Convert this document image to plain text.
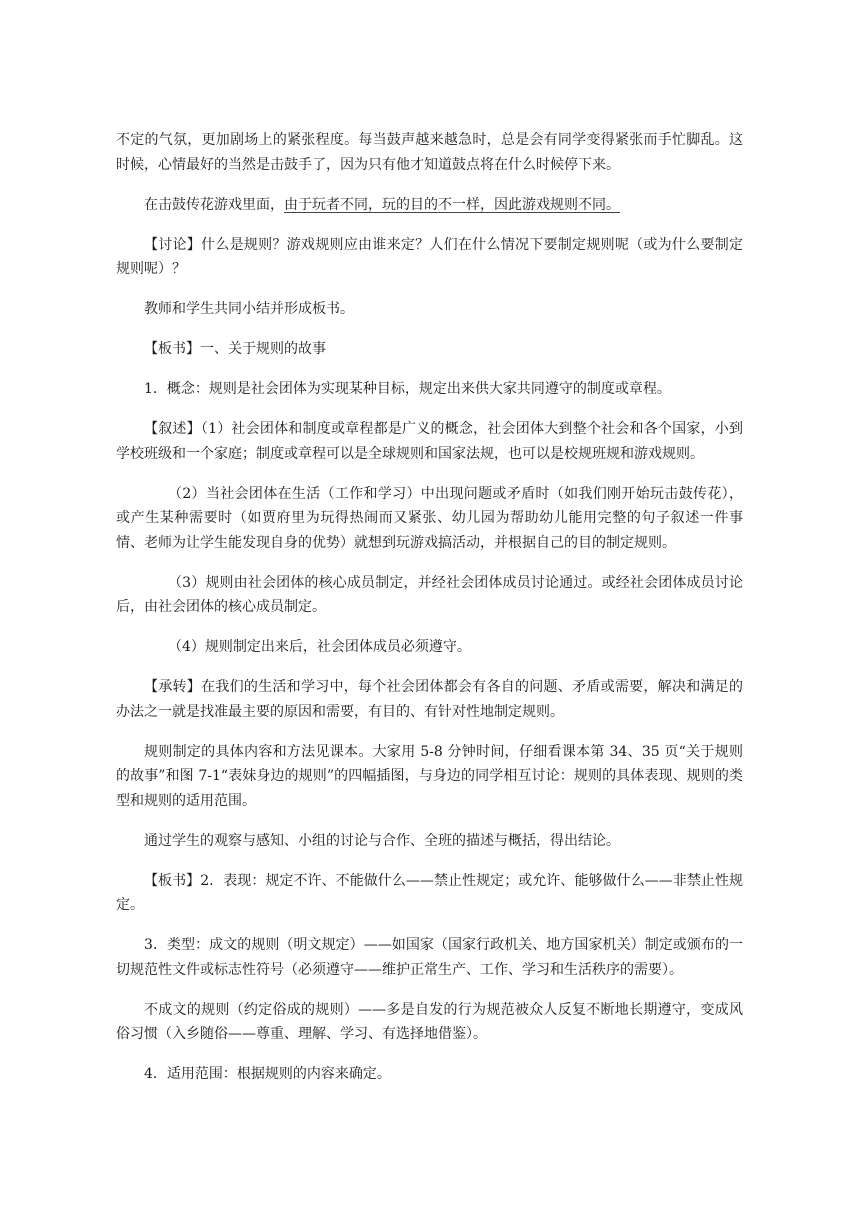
不定的气氛，更加剧场上的紧张程度。每当鼓声越来越急时，总是会有同学变得紧张而手忙脚乱。这时候，心情最好的当然是击鼓手了，因为只有他才知道鼓点将在什么时候停下来。

在击鼓传花游戏里面，由于玩者不同，玩的目的不一样，因此游戏规则不同。

【讨论】什么是规则？游戏规则应由谁来定？人们在什么情况下要制定规则呢（或为什么要制定规则呢）？

教师和学生共同小结并形成板书。

【板书】一、关于规则的故事

1．概念：规则是社会团体为实现某种目标，规定出来供大家共同遵守的制度或章程。

【叙述】（1）社会团体和制度或章程都是广义的概念，社会团体大到整个社会和各个国家，小到学校班级和一个家庭；制度或章程可以是全球规则和国家法规，也可以是校规班规和游戏规则。

（2）当社会团体在生活（工作和学习）中出现问题或矛盾时（如我们刚开始玩击鼓传花），或产生某种需要时（如贾府里为玩得热闹而又紧张、幼儿园为帮助幼儿能用完整的句子叙述一件事情、老师为让学生能发现自身的优势）就想到玩游戏搞活动，并根据自己的目的制定规则。

（3）规则由社会团体的核心成员制定，并经社会团体成员讨论通过。或经社会团体成员讨论后，由社会团体的核心成员制定。

（4）规则制定出来后，社会团体成员必须遵守。

【承转】在我们的生活和学习中，每个社会团体都会有各自的问题、矛盾或需要，解决和满足的办法之一就是找准最主要的原因和需要，有目的、有针对性地制定规则。

规则制定的具体内容和方法见课本。大家用 5-8 分钟时间，仔细看课本第 34、35 页“关于规则的故事”和图 7-1“表妹身边的规则”的四幅插图，与身边的同学相互讨论：规则的具体表现、规则的类型和规则的适用范围。

通过学生的观察与感知、小组的讨论与合作、全班的描述与概括，得出结论。

【板书】2．表现：规定不许、不能做什么——禁止性规定；或允许、能够做什么——非禁止性规定。

3．类型：成文的规则（明文规定）——如国家（国家行政机关、地方国家机关）制定或颁布的一切规范性文件或标志性符号（必须遵守——维护正常生产、工作、学习和生活秩序的需要）。

不成文的规则（约定俗成的规则）——多是自发的行为规范被众人反复不断地长期遵守，变成风俗习惯（入乡随俗——尊重、理解、学习、有选择地借鉴）。

4．适用范围：根据规则的内容来确定。
